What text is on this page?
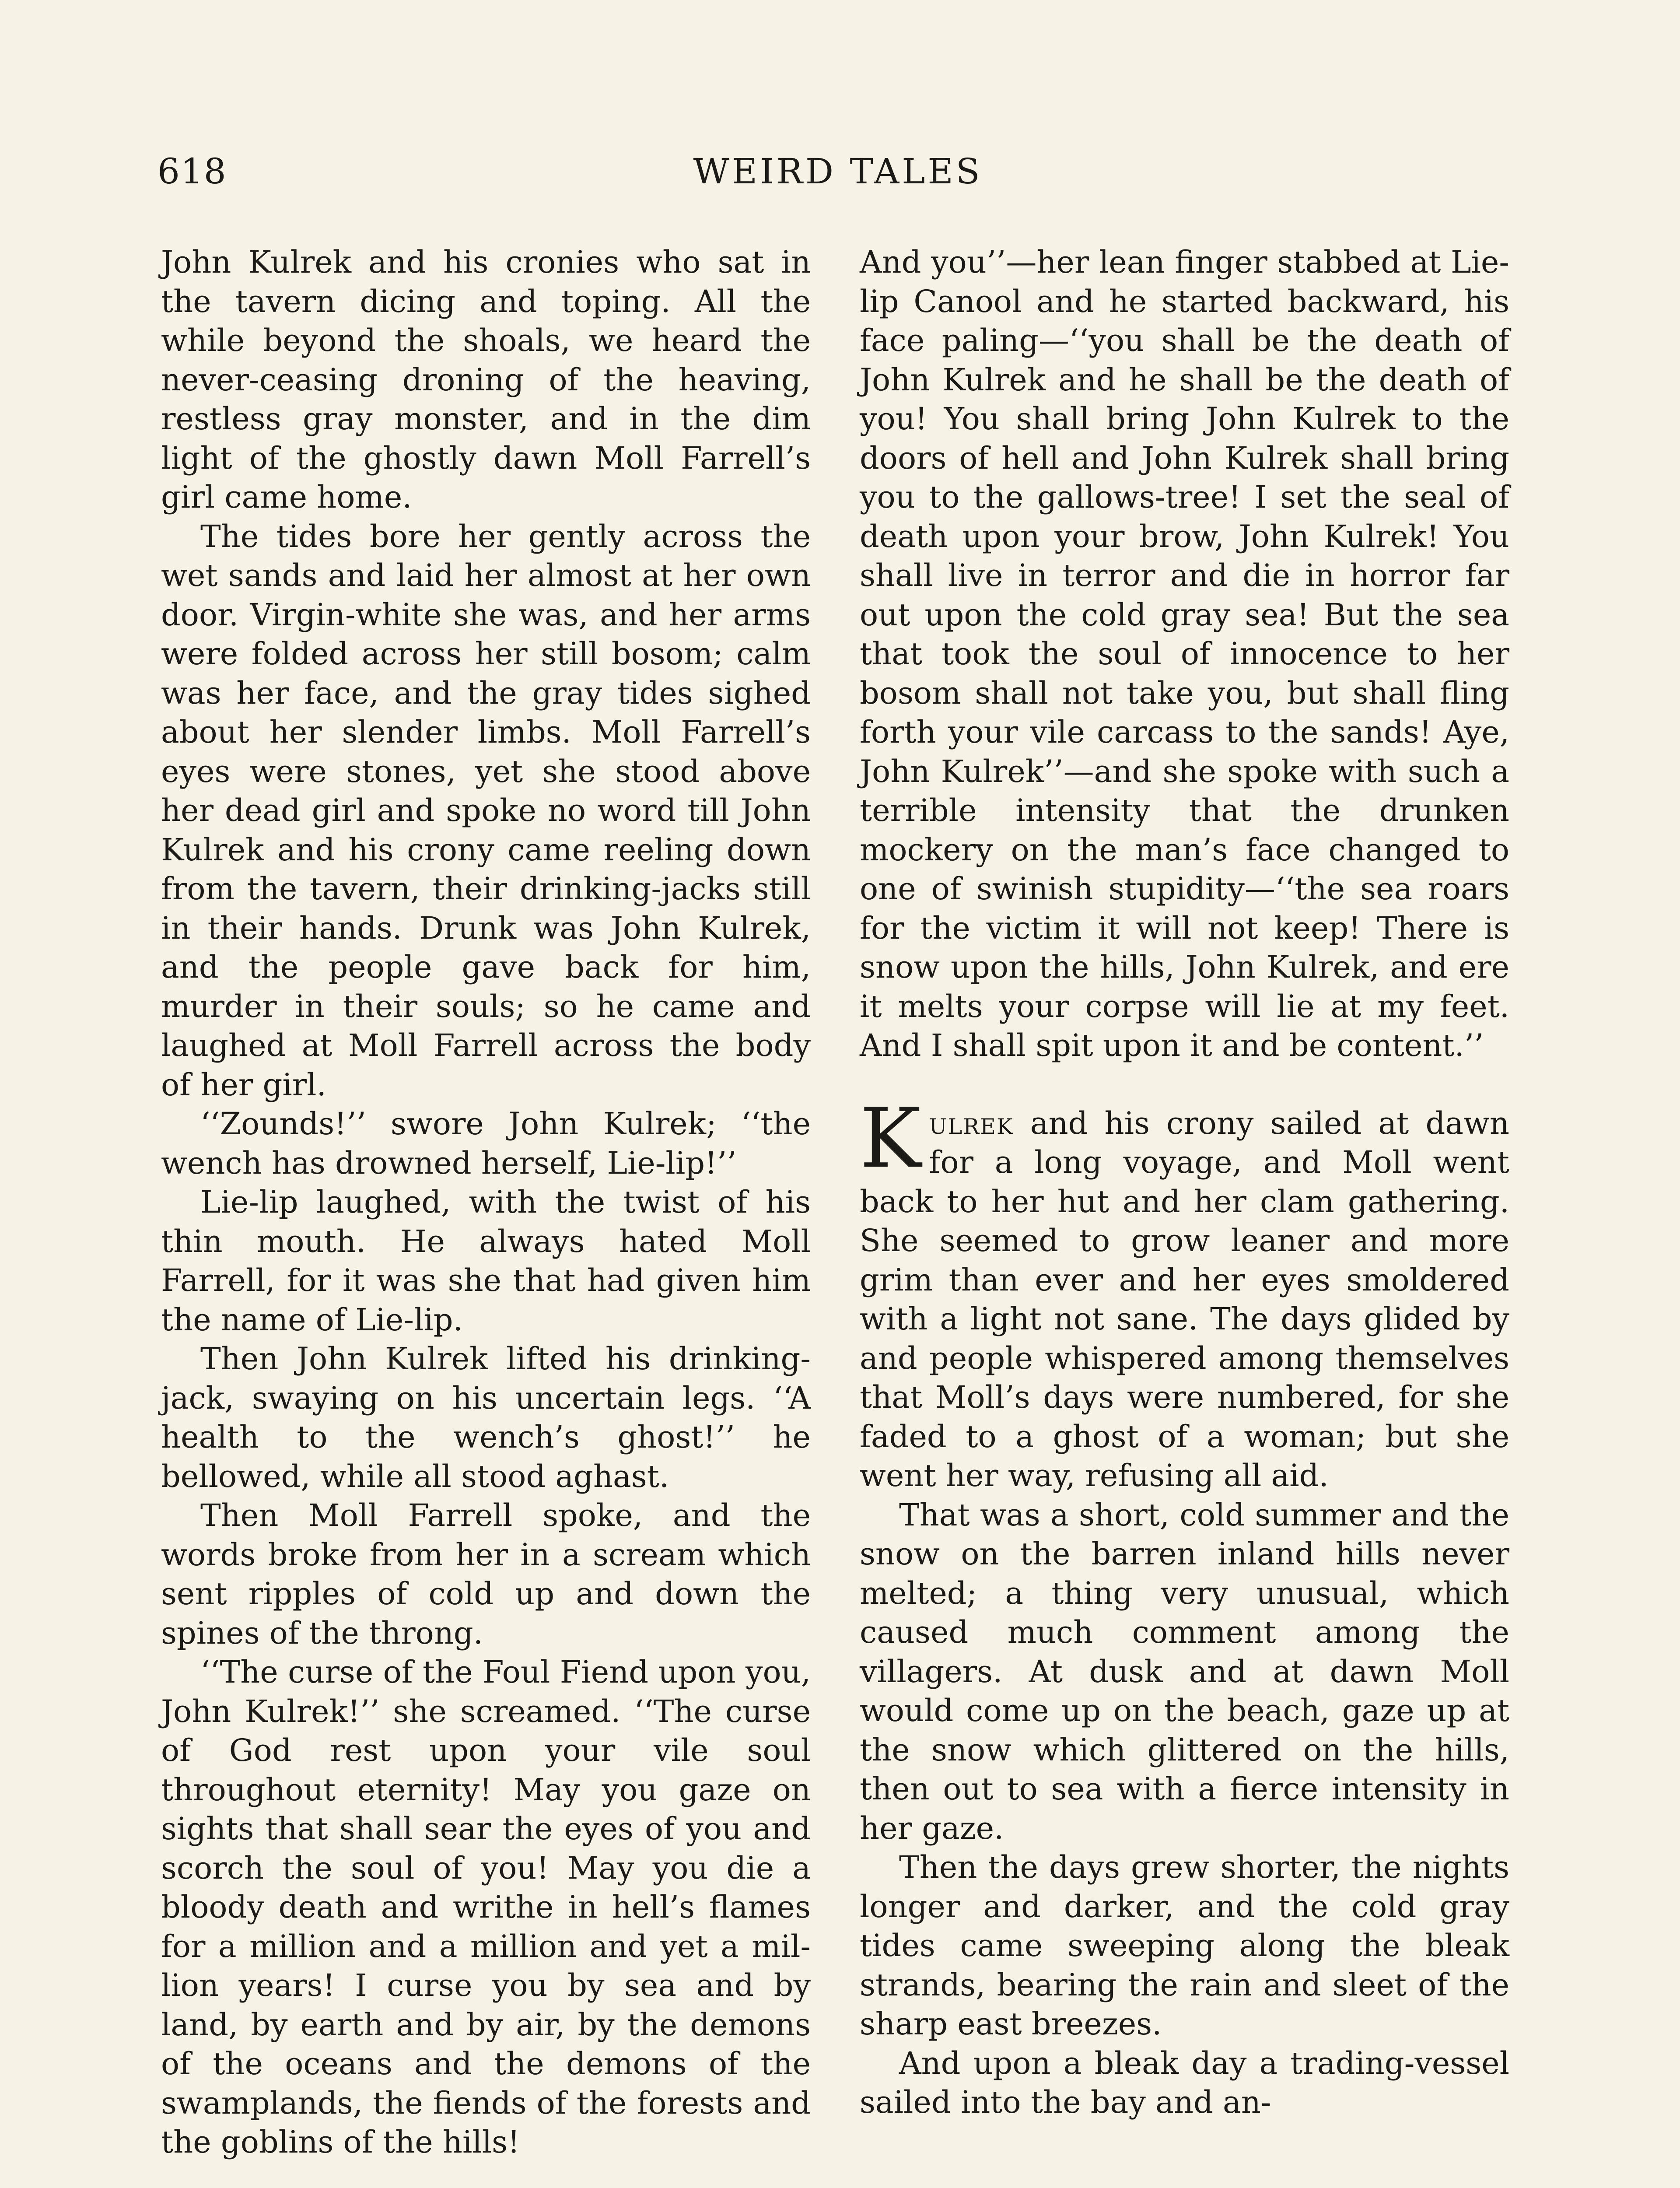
618	WEIRD TALES

John Kulrek and his cronies who sat in the tavern dicing and toping. All the while beyond the shoals, we heard the never-ceasing droning of the heaving, restless gray monster, and in the dim light of the ghostly dawn Moll Farrell’s girl came home.

The tides bore her gently across the wet sands and laid her almost at her own door. Virgin-white she was, and her arms were folded across her still bosom; calm was her face, and the gray tides sighed about her slender limbs. Moll Farrell’s eyes were stones, yet she stood above her dead girl and spoke no word till John Kulrek and his crony came reeling down from the tavern, their drinking-jacks still in their hands. Drunk was John Kulrek, and the people gave back for him, murder in their souls; so he came and laughed at Moll Farrell across the body of her girl.

‘‘Zounds!’’ swore John Kulrek; ‘‘the wench has drowned herself, Lie-lip!’’

Lie-lip laughed, with the twist of his thin mouth. He always hated Moll Farrell, for it was she that had given him the name of Lie-lip.

Then John Kulrek lifted his drinking-jack, swaying on his uncertain legs. ‘‘A health to the wench’s ghost!’’ he bellowed, while all stood aghast.

Then Moll Farrell spoke, and the words broke from her in a scream which sent ripples of cold up and down the spines of the throng.

‘‘The curse of the Foul Fiend upon you, John Kulrek!’’ she screamed. ‘‘The curse of God rest upon your vile soul throughout eternity! May you gaze on sights that shall sear the eyes of you and scorch the soul of you! May you die a bloody death and writhe in hell’s flames for a million and a million and yet a million years! I curse you by sea and by land, by earth and by air, by the demons of the oceans and the demons of the swamplands, the fiends of the forests and the goblins of the hills!

And you’’—her lean finger stabbed at Lie-lip Canool and he started backward, his face paling—‘‘you shall be the death of John Kulrek and he shall be the death of you! You shall bring John Kulrek to the doors of hell and John Kulrek shall bring you to the gallows-tree! I set the seal of death upon your brow, John Kulrek! You shall live in terror and die in horror far out upon the cold gray sea! But the sea that took the soul of innocence to her bosom shall not take you, but shall fling forth your vile carcass to the sands! Aye, John Kulrek’’—and she spoke with such a terrible intensity that the drunken mockery on the man’s face changed to one of swinish stupidity—‘‘the sea roars for the victim it will not keep! There is snow upon the hills, John Kulrek, and ere it melts your corpse will lie at my feet. And I shall spit upon it and be content.’’

Kulrek and his crony sailed at dawn for a long voyage, and Moll went back to her hut and her clam gathering. She seemed to grow leaner and more grim than ever and her eyes smoldered with a light not sane. The days glided by and people whispered among themselves that Moll’s days were numbered, for she faded to a ghost of a woman; but she went her way, refusing all aid.

That was a short, cold summer and the snow on the barren inland hills never melted; a thing very unusual, which caused much comment among the villagers. At dusk and at dawn Moll would come up on the beach, gaze up at the snow which glittered on the hills, then out to sea with a fierce intensity in her gaze.

Then the days grew shorter, the nights longer and darker, and the cold gray tides came sweeping along the bleak strands, bearing the rain and sleet of the sharp east breezes.

And upon a bleak day a trading-vessel sailed into the bay and an-
